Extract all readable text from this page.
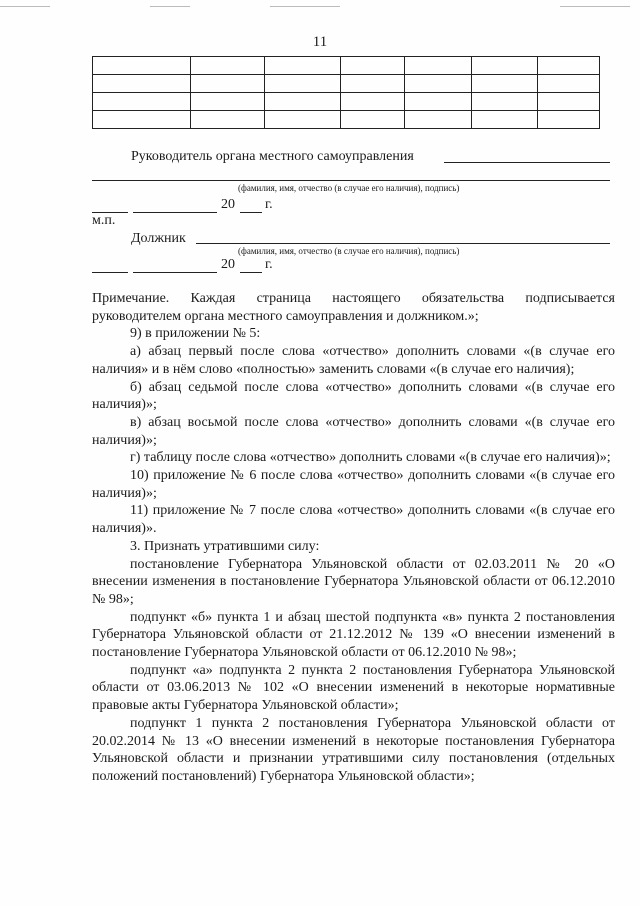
11

Руководитель органа местного самоуправления
(фамилия, имя, отчество (в случае его наличия), подпись)
20 г.
м.п.
Должник
(фамилия, имя, отчество (в случае его наличия), подпись)
20 г.

Примечание. Каждая страница настоящего обязательства подписывается руководителем органа местного самоуправления и должником.»;

9) в приложении № 5:

а) абзац первый после слова «отчество» дополнить словами «(в случае его наличия» и в нём слово «полностью» заменить словами «(в случае его наличия);

б) абзац седьмой после слова «отчество» дополнить словами «(в случае его наличия)»;

в) абзац восьмой после слова «отчество» дополнить словами «(в случае его наличия)»;

г) таблицу после слова «отчество» дополнить словами «(в случае его наличия)»;

10) приложение № 6 после слова «отчество» дополнить словами «(в случае его наличия)»;

11) приложение № 7 после слова «отчество» дополнить словами «(в случае его наличия)».

3. Признать утратившими силу:

постановление Губернатора Ульяновской области от 02.03.2011 № 20 «О внесении изменения в постановление Губернатора Ульяновской области от 06.12.2010 № 98»;

подпункт «б» пункта 1 и абзац шестой подпункта «в» пункта 2 постановления Губернатора Ульяновской области от 21.12.2012 № 139 «О внесении изменений в постановление Губернатора Ульяновской области от 06.12.2010 № 98»;

подпункт «а» подпункта 2 пункта 2 постановления Губернатора Ульяновской области от 03.06.2013 № 102 «О внесении изменений в некоторые нормативные правовые акты Губернатора Ульяновской области»;

подпункт 1 пункта 2 постановления Губернатора Ульяновской области от 20.02.2014 № 13 «О внесении изменений в некоторые постановления Губернатора Ульяновской области и признании утратившими силу постановления (отдельных положений постановлений) Губернатора Ульяновской области»;
